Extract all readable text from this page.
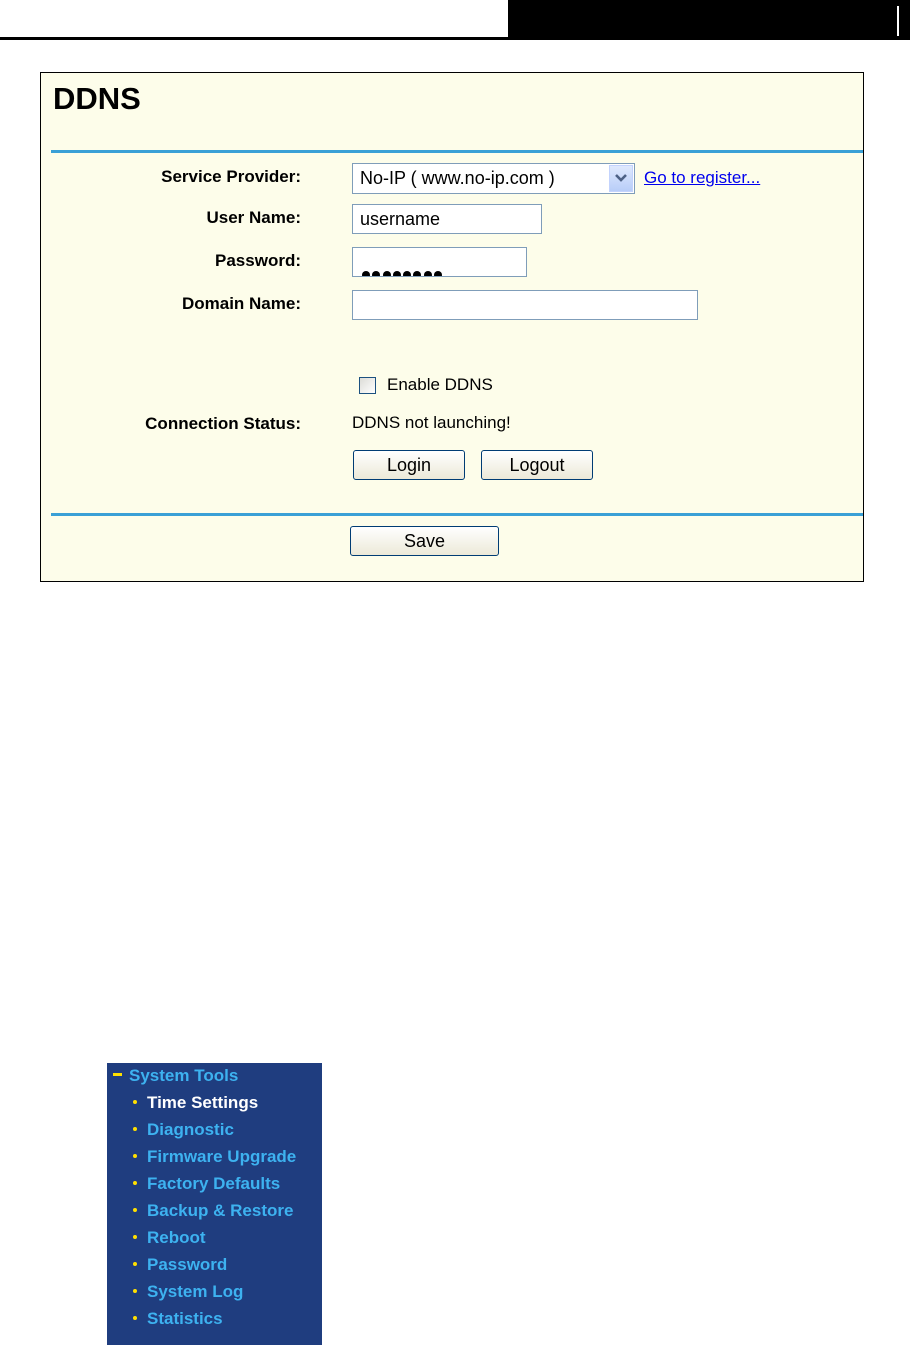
DDNS
Service Provider:	No-IP ( www.no-ip.com )	Go to register...
User Name:	username
Password:
Domain Name:
Enable DDNS
Connection Status:	DDNS not launching!
Login	Logout
Save
System Tools
Time Settings
Diagnostic
Firmware Upgrade
Factory Defaults
Backup & Restore
Reboot
Password
System Log
Statistics
